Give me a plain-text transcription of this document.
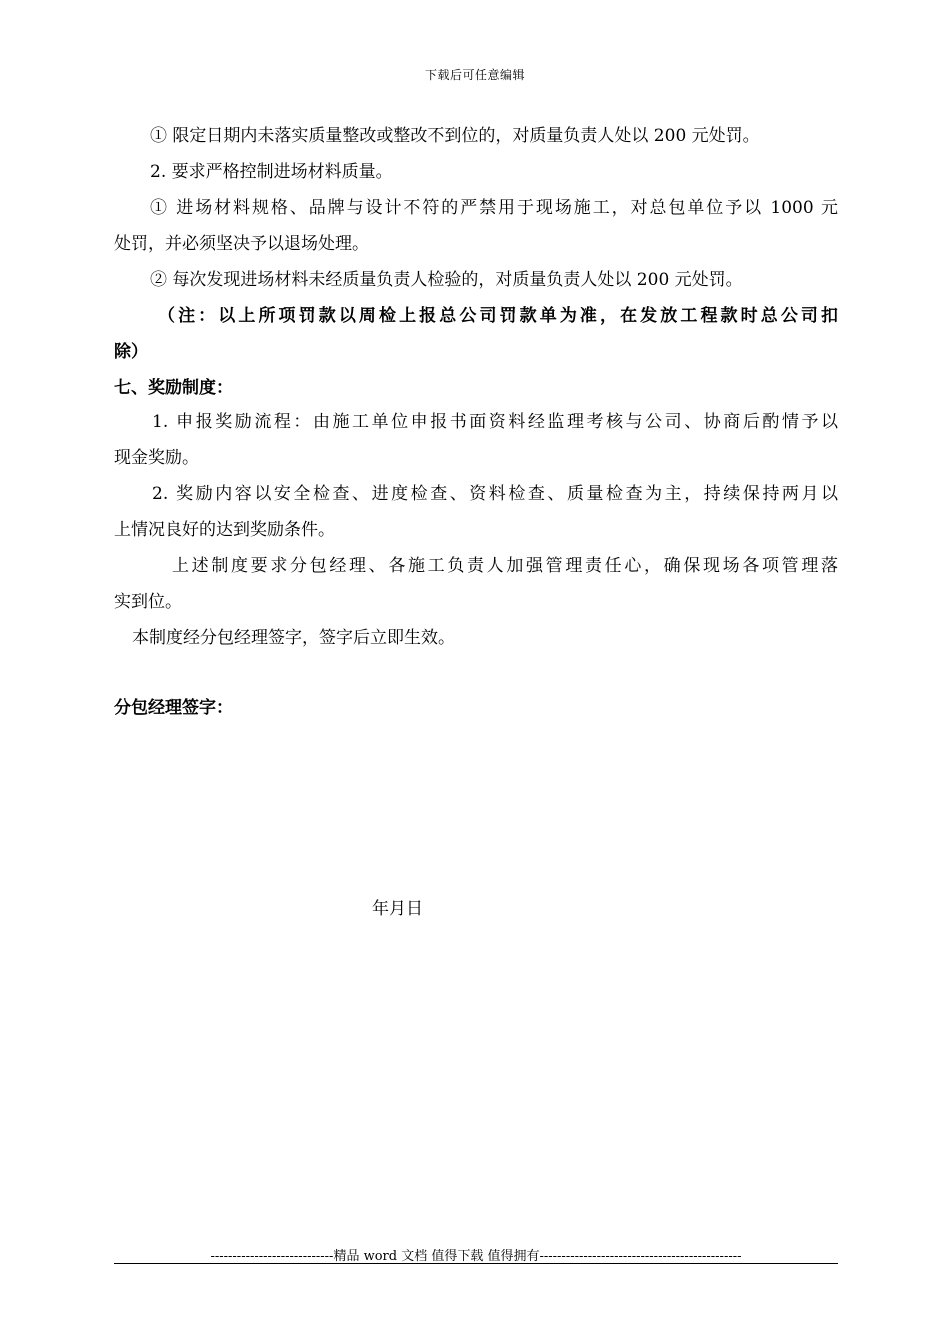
下载后可任意编辑
① 限定日期内未落实质量整改或整改不到位的，对质量负责人处以 200 元处罚。
2. 要求严格控制进场材料质量。
① 进场材料规格、品牌与设计不符的严禁用于现场施工，对总包单位予以 1000 元
处罚，并必须坚决予以退场处理。
② 每次发现进场材料未经质量负责人检验的，对质量负责人处以 200 元处罚。
（注：以上所项罚款以周检上报总公司罚款单为准，在发放工程款时总公司扣
除）
七、奖励制度：
1. 申报奖励流程：由施工单位申报书面资料经监理考核与公司、协商后酌情予以
现金奖励。
2. 奖励内容以安全检查、进度检查、资料检查、质量检查为主，持续保持两月以
上情况良好的达到奖励条件。
上述制度要求分包经理、各施工负责人加强管理责任心，确保现场各项管理落
实到位。
本制度经分包经理签字，签字后立即生效。
分包经理签字：
年月日
----------------------------精品 word 文档 值得下载 值得拥有----------------------------------------------
